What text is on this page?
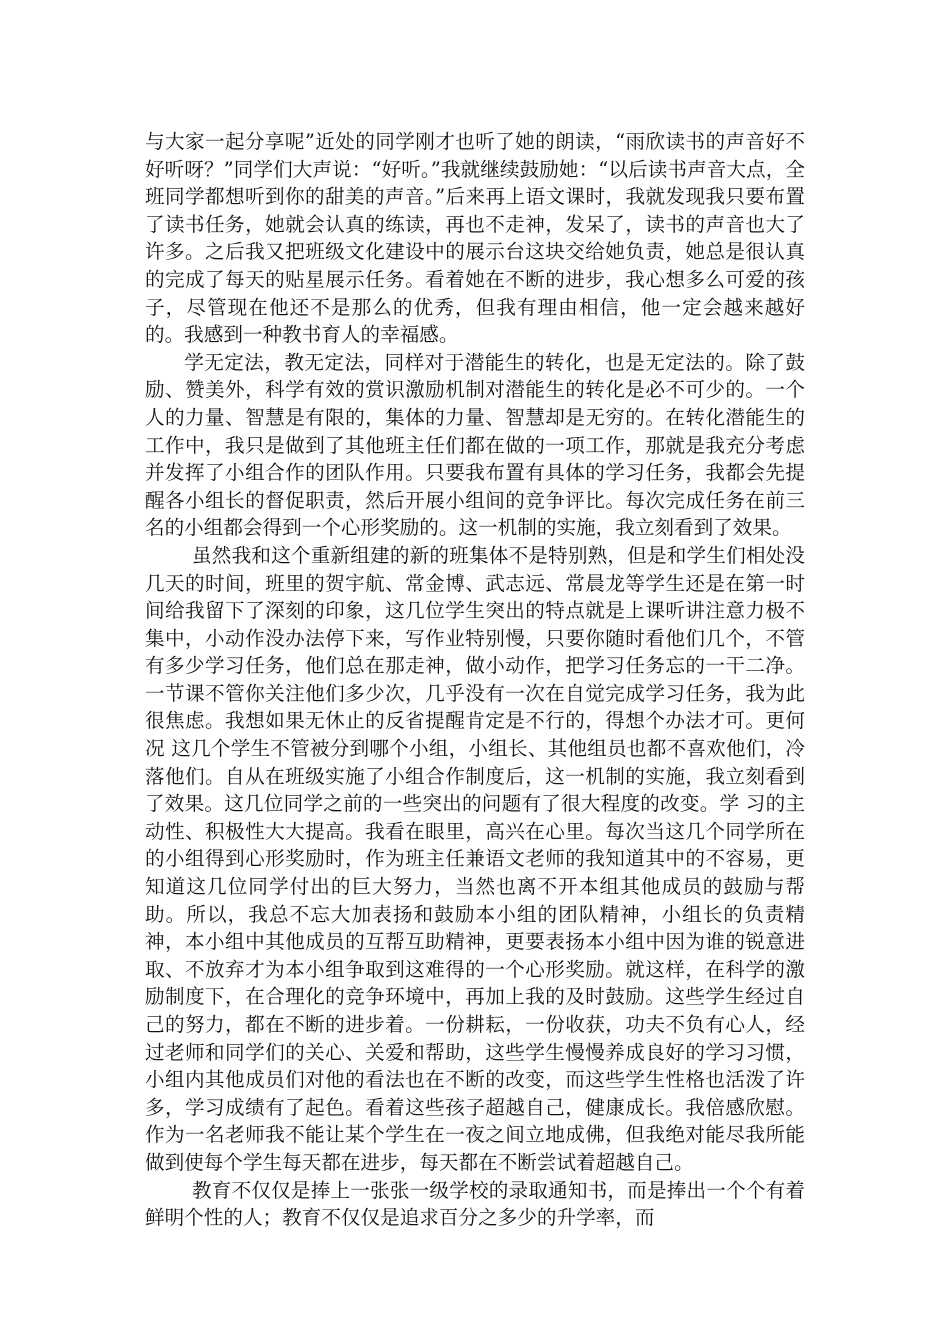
与大家一起分享呢”近处的同学刚才也听了她的朗读，“雨欣读书的声音好不好听呀？”同学们大声说：“好听。”我就继续鼓励她：“以后读书声音大点，全班同学都想听到你的甜美的声音。”后来再上语文课时，我就发现我只要布置了读书任务，她就会认真的练读，再也不走神，发呆了，读书的声音也大了许多。之后我又把班级文化建设中的展示台这块交给她负责，她总是很认真的完成了每天的贴星展示任务。看着她在不断的进步，我心想多么可爱的孩子，尽管现在他还不是那么的优秀，但我有理由相信，他一定会越来越好的。我感到一种教书育人的幸福感。

学无定法，教无定法，同样对于潜能生的转化，也是无定法的。除了鼓励、赞美外，科学有效的赏识激励机制对潜能生的转化是必不可少的。一个人的力量、智慧是有限的，集体的力量、智慧却是无穷的。在转化潜能生的工作中，我只是做到了其他班主任们都在做的一项工作，那就是我充分考虑并发挥了小组合作的团队作用。只要我布置有具体的学习任务，我都会先提醒各小组长的督促职责，然后开展小组间的竞争评比。每次完成任务在前三名的小组都会得到一个心形奖励的。这一机制的实施，我立刻看到了效果。

虽然我和这个重新组建的新的班集体不是特别熟，但是和学生们相处没几天的时间，班里的贺宇航、常金博、武志远、常晨龙等学生还是在第一时间给我留下了深刻的印象，这几位学生突出的特点就是上课听讲注意力极不集中，小动作没办法停下来，写作业特别慢，只要你随时看他们几个，不管有多少学习任务，他们总在那走神，做小动作，把学习任务忘的一干二净。一节课不管你关注他们多少次，几乎没有一次在自觉完成学习任务，我为此很焦虑。我想如果无休止的反省提醒肯定是不行的，得想个办法才可。更何况 这几个学生不管被分到哪个小组，小组长、其他组员也都不喜欢他们，冷落他们。自从在班级实施了小组合作制度后，这一机制的实施，我立刻看到了效果。这几位同学之前的一些突出的问题有了很大程度的改变。学 习的主动性、积极性大大提高。我看在眼里，高兴在心里。每次当这几个同学所在的小组得到心形奖励时，作为班主任兼语文老师的我知道其中的不容易，更知道这几位同学付出的巨大努力，当然也离不开本组其他成员的鼓励与帮助。所以，我总不忘大加表扬和鼓励本小组的团队精神，小组长的负责精神，本小组中其他成员的互帮互助精神，更要表扬本小组中因为谁的锐意进取、不放弃才为本小组争取到这难得的一个心形奖励。就这样，在科学的激励制度下，在合理化的竞争环境中，再加上我的及时鼓励。这些学生经过自己的努力，都在不断的进步着。一份耕耘，一份收获，功夫不负有心人，经过老师和同学们的关心、关爱和帮助，这些学生慢慢养成良好的学习习惯，小组内其他成员们对他的看法也在不断的改变，而这些学生性格也活泼了许多，学习成绩有了起色。看着这些孩子超越自己，健康成长。我倍感欣慰。作为一名老师我不能让某个学生在一夜之间立地成佛，但我绝对能尽我所能做到使每个学生每天都在进步，每天都在不断尝试着超越自己。

教育不仅仅是捧上一张张一级学校的录取通知书，而是捧出一个个有着鲜明个性的人；教育不仅仅是追求百分之多少的升学率，而
